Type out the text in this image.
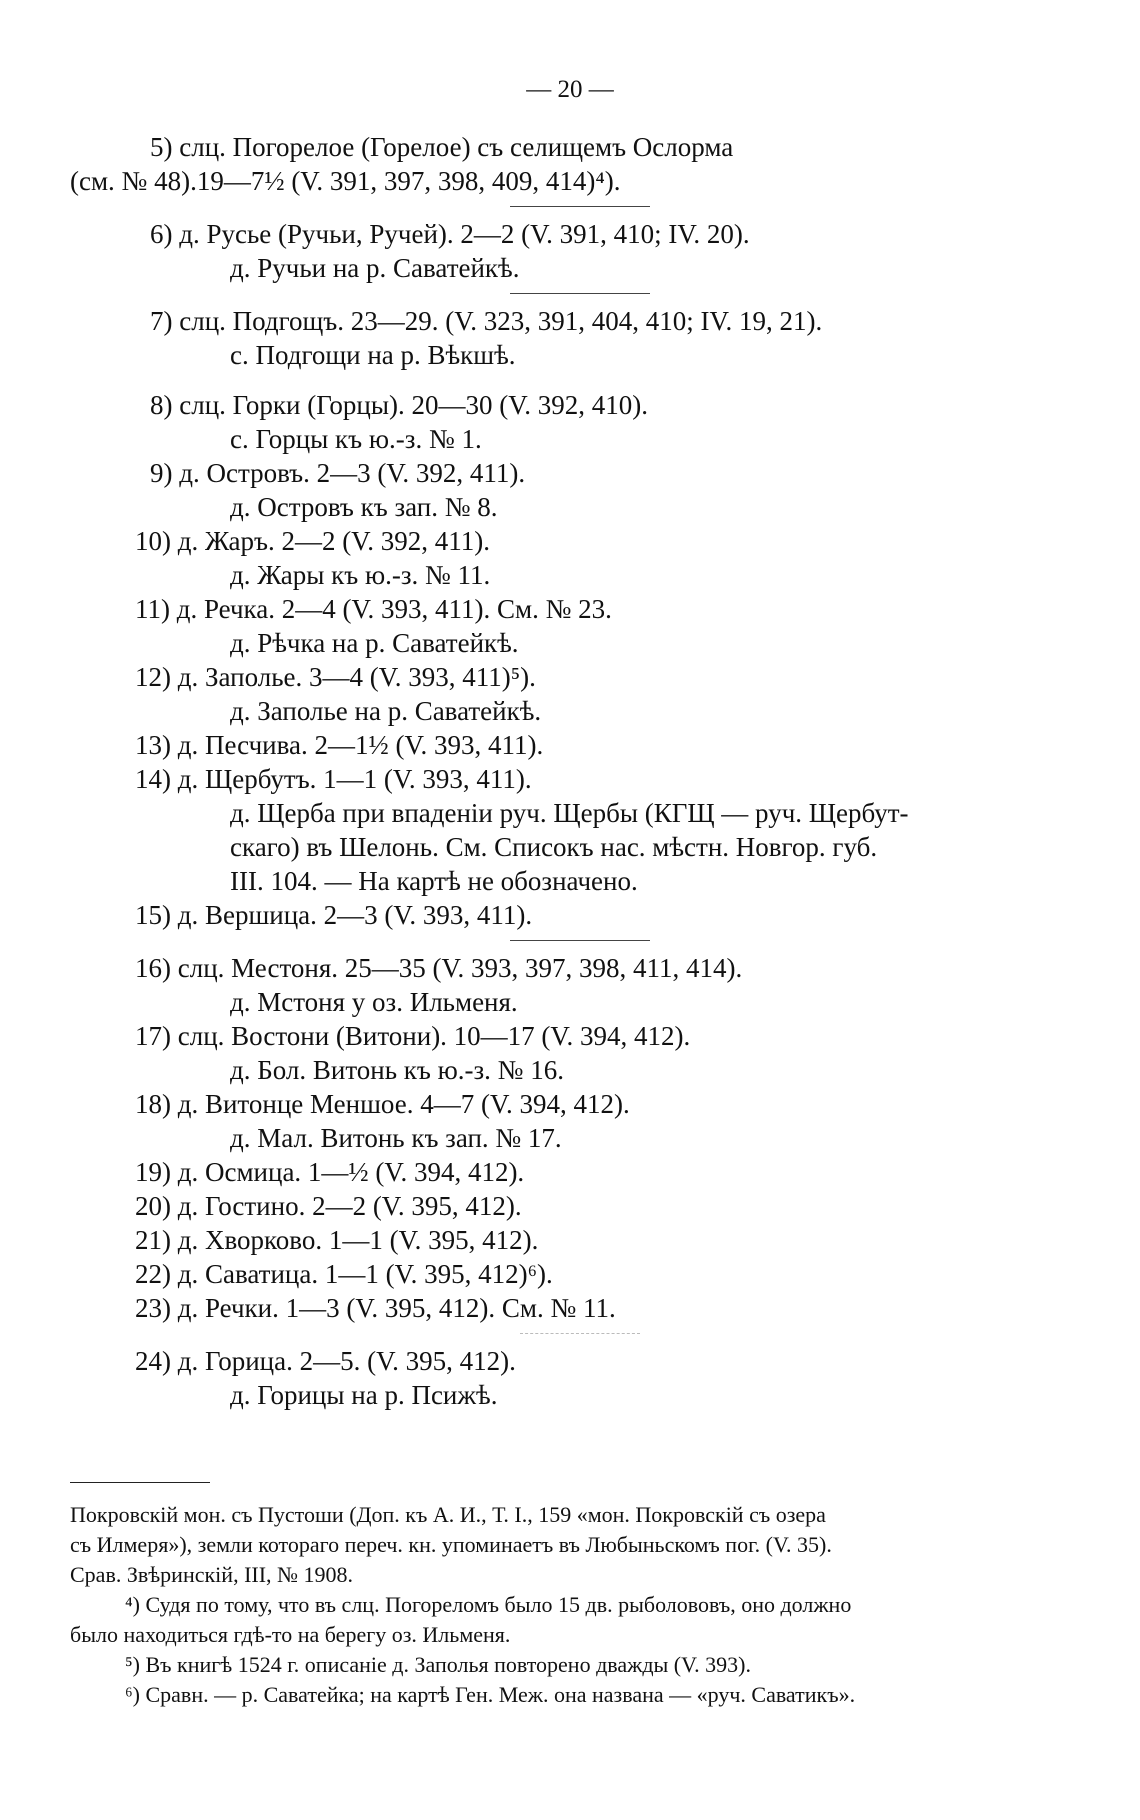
— 20 —
5) слц. Погорелое (Горелое) съ селищемъ Ослорма
(см. № 48).19—7½ (V. 391, 397, 398, 409, 414)⁴).
6) д. Русье (Ручьи, Ручей). 2—2 (V. 391, 410; IV. 20).
д. Ручьи на р. Саватейкѣ.
7) слц. Подгощъ. 23—29. (V. 323, 391, 404, 410; IV. 19, 21).
с. Подгощи на р. Вѣкшѣ.
8) слц. Горки (Горцы). 20—30 (V. 392, 410).
с. Горцы къ ю.-з. № 1.
9) д. Островъ. 2—3 (V. 392, 411).
д. Островъ къ зап. № 8.
10) д. Жаръ. 2—2 (V. 392, 411).
д. Жары къ ю.-з. № 11.
11) д. Речка. 2—4 (V. 393, 411). См. № 23.
д. Рѣчка на р. Саватейкѣ.
12) д. Заполье. 3—4 (V. 393, 411)⁵).
д. Заполье на р. Саватейкѣ.
13) д. Песчива. 2—1½ (V. 393, 411).
14) д. Щербутъ. 1—1 (V. 393, 411).
д. Щерба при впаденіи руч. Щербы (КГЩ — руч. Щербут-
скаго) въ Шелонь. См. Списокъ нас. мѣстн. Новгор. губ.
III. 104. — На картѣ не обозначено.
15) д. Вершица. 2—3 (V. 393, 411).
16) слц. Местоня. 25—35 (V. 393, 397, 398, 411, 414).
д. Мстоня у оз. Ильменя.
17) слц. Востони (Витони). 10—17 (V. 394, 412).
д. Бол. Витонь къ ю.-з. № 16.
18) д. Витонце Меншое. 4—7 (V. 394, 412).
д. Мал. Витонь къ зап. № 17.
19) д. Осмица. 1—½ (V. 394, 412).
20) д. Гостино. 2—2 (V. 395, 412).
21) д. Хворково. 1—1 (V. 395, 412).
22) д. Саватица. 1—1 (V. 395, 412)⁶).
23) д. Речки. 1—3 (V. 395, 412). См. № 11.
24) д. Горица. 2—5. (V. 395, 412).
д. Горицы на р. Псижѣ.

Покровскій мон. съ Пустоши (Доп. къ А. И., Т. I., 159 «мон. Покровскій съ озера

съ Илмеря»), земли котораго переч. кн. упоминаетъ въ Любыньскомъ пог. (V. 35).

Срав. Звѣринскій, III, № 1908.

⁴) Судя по тому, что въ слц. Погореломъ было 15 дв. рыболововъ, оно должно

было находиться гдѣ-то на берегу оз. Ильменя.

⁵) Въ книгѣ 1524 г. описаніе д. Заполья повторено дважды (V. 393).

⁶) Сравн. — р. Саватейка; на картѣ Ген. Меж. она названа — «руч. Саватикъ».
